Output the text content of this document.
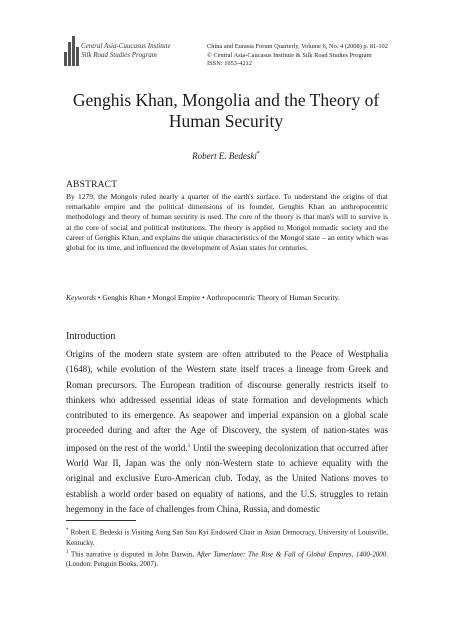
Central Asia-Caucasus Institute
Silk Road Studies Program
China and Eurasia Forum Quarterly, Volume 6, No. 4 (2008) p. 81-102
© Central Asia-Caucasus Institute & Silk Road Studies Program
ISSN: 1653-4212
Genghis Khan, Mongolia and the Theory of
Human Security
Robert E. Bedeski*
ABSTRACT
By 1279, the Mongols ruled nearly a quarter of the earth's surface. To understand the origins of that remarkable empire and the political dimensions of its founder, Genghis Khan an anthropocentric methodology and theory of human security is used. The core of the theory is that man's will to survive is at the core of social and political institutions. The theory is applied to Mongol nomadic society and the career of Genghis Khan, and explains the unique characteristics of the Mongol state – an entity which was global for its time, and influenced the development of Asian states for centuries.
Keywords • Genghis Khan • Mongol Empire • Anthropocentric Theory of Human Security.
Introduction
Origins of the modern state system are often attributed to the Peace of Westphalia (1648), while evolution of the Western state itself traces a lineage from Greek and Roman precursors. The European tradition of discourse generally restricts itself to thinkers who addressed essential ideas of state formation and developments which contributed to its emergence. As seapower and imperial expansion on a global scale proceeded during and after the Age of Discovery, the system of nation-states was imposed on the rest of the world.$^1$ Until the sweeping decolonization that occurred after World War II, Japan was the only non-Western state to achieve equality with the original and exclusive Euro-American club. Today, as the United Nations moves to establish a world order based on equality of nations, and the U.S. struggles to retain hegemony in the face of challenges from China, Russia, and domestic

* Robert E. Bedeski is Visiting Aung San Suu Kyi Endowed Chair in Asian Democracy, University of Louisville, Kentucky.

$^1$ This narrative is disputed in John Darwin, After Tamerlane: The Rise & Fall of Global Empires, 1400-2000. (London: Penguin Books, 2007).
